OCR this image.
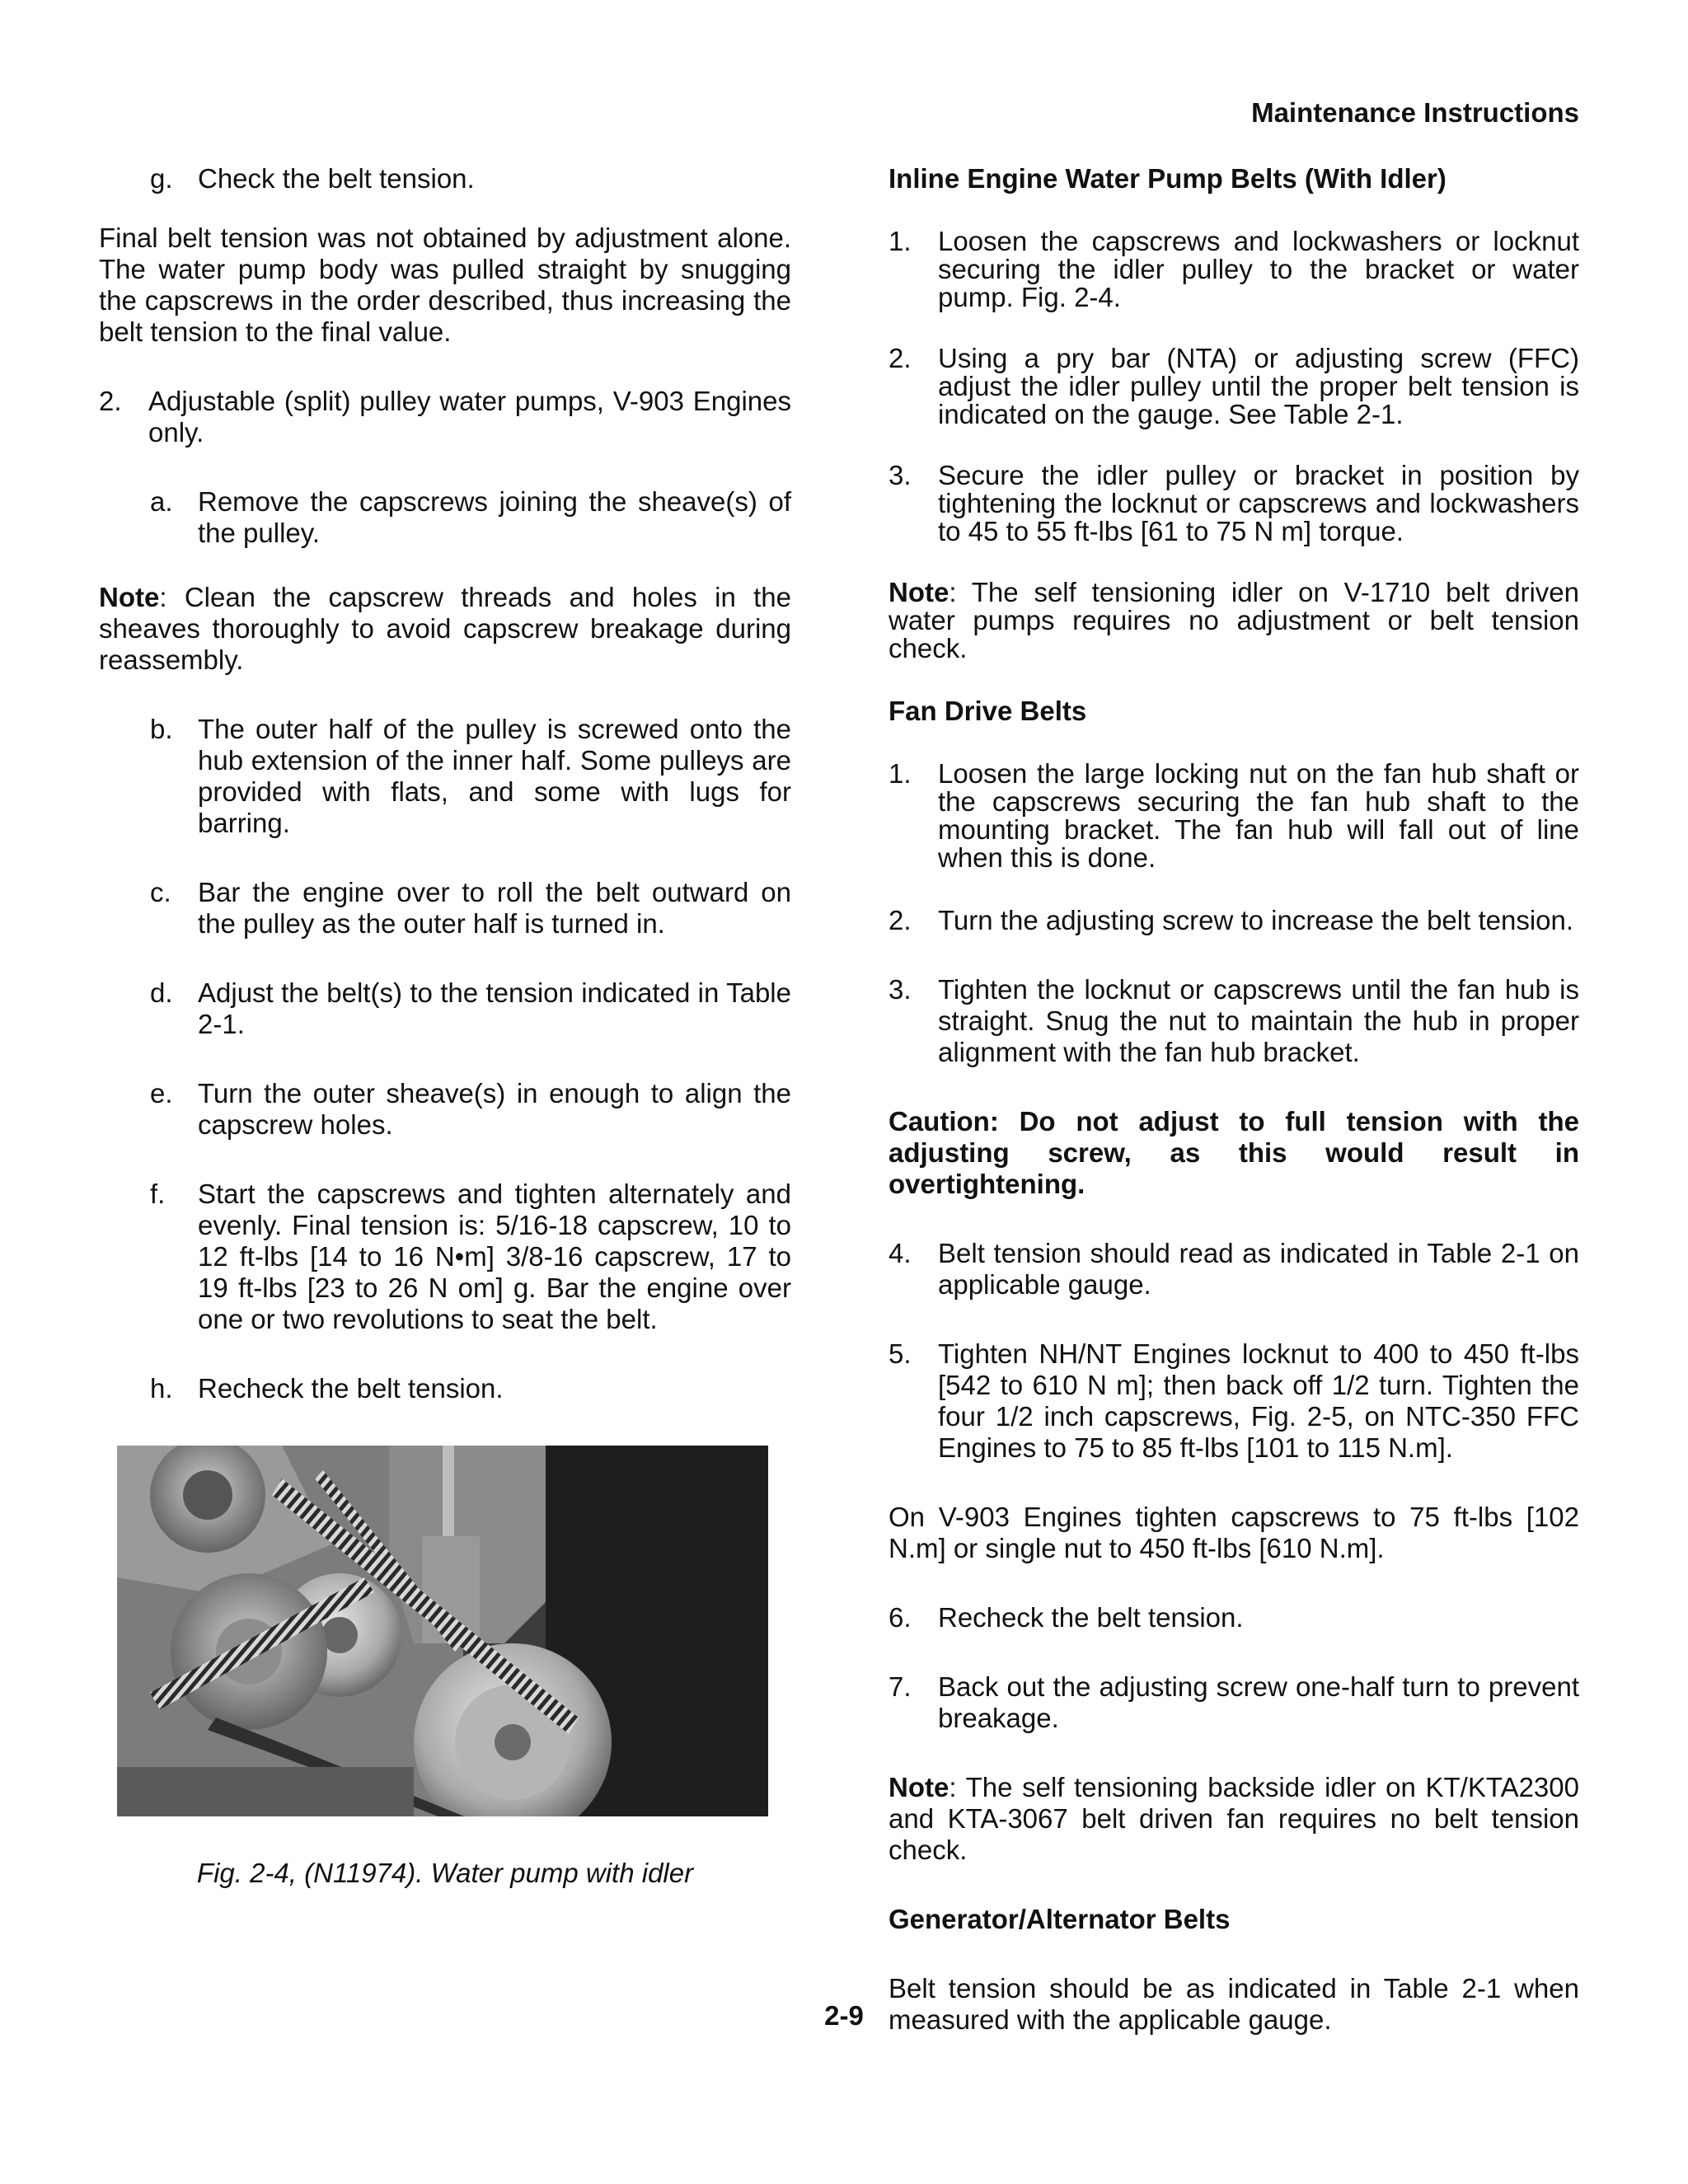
Maintenance Instructions
g. Check the belt tension.

Final belt tension was not obtained by adjustment alone. The water pump body was pulled straight by snugging the capscrews in the order described, thus increasing the belt tension to the final value.

2. Adjustable (split) pulley water pumps, V-903 Engines only.
a. Remove the capscrews joining the sheave(s) of the pulley.

Note: Clean the capscrew threads and holes in the sheaves thoroughly to avoid capscrew breakage during reassembly.

b. The outer half of the pulley is screwed onto the hub extension of the inner half. Some pulleys are provided with flats, and some with lugs for barring.
c. Bar the engine over to roll the belt outward on the pulley as the outer half is turned in.
d. Adjust the belt(s) to the tension indicated in Table 2-1.
e. Turn the outer sheave(s) in enough to align the capscrew holes.
f.	Start the capscrews and tighten alternately and evenly. Final tension is: 5/16-18 capscrew, 10 to 12 ft-lbs [14 to 16 N•m] 3/8-16 capscrew, 17 to 19 ft-lbs [23 to 26 N om] g. Bar the engine over one or two revolutions to seat the belt.
h. Recheck the belt tension.

Fig. 2-4, (N11974). Water pump with idler

Inline Engine Water Pump Belts (With Idler)

1. Loosen the capscrews and lockwashers or locknut securing the idler pulley to the bracket or water pump. Fig. 2-4.
2. Using a pry bar (NTA) or adjusting screw (FFC) adjust the idler pulley until the proper belt tension is indicated on the gauge. See Table 2-1.
3. Secure the idler pulley or bracket in position by tightening the locknut or capscrews and lockwashers to 45 to 55 ft-lbs [61 to 75 N m] torque.

Note: The self tensioning idler on V-1710 belt driven water pumps requires no adjustment or belt tension check.

Fan Drive Belts

1. Loosen the large locking nut on the fan hub shaft or the capscrews securing the fan hub shaft to the mounting bracket. The fan hub will fall out of line when this is done.
2. Turn the adjusting screw to increase the belt tension.
3. Tighten the locknut or capscrews until the fan hub is straight. Snug the nut to maintain the hub in proper alignment with the fan hub bracket.

Caution: Do not adjust to full tension with the adjusting screw, as this would result in overtightening.

4. Belt tension should read as indicated in Table 2-1 on applicable gauge.
5. Tighten NH/NT Engines locknut to 400 to 450 ft-lbs [542 to 610 N m]; then back off 1/2 turn. Tighten the four 1/2 inch capscrews, Fig. 2-5, on NTC-350 FFC Engines to 75 to 85 ft-lbs [101 to 115 N.m].

On V-903 Engines tighten capscrews to 75 ft-lbs [102 N.m] or single nut to 450 ft-lbs [610 N.m].

6. Recheck the belt tension.
7. Back out the adjusting screw one-half turn to prevent breakage.

Note: The self tensioning backside idler on KT/KTA2300 and KTA-3067 belt driven fan requires no belt tension check.

Generator/Alternator Belts

Belt tension should be as indicated in Table 2-1 when measured with the applicable gauge.

2-9
